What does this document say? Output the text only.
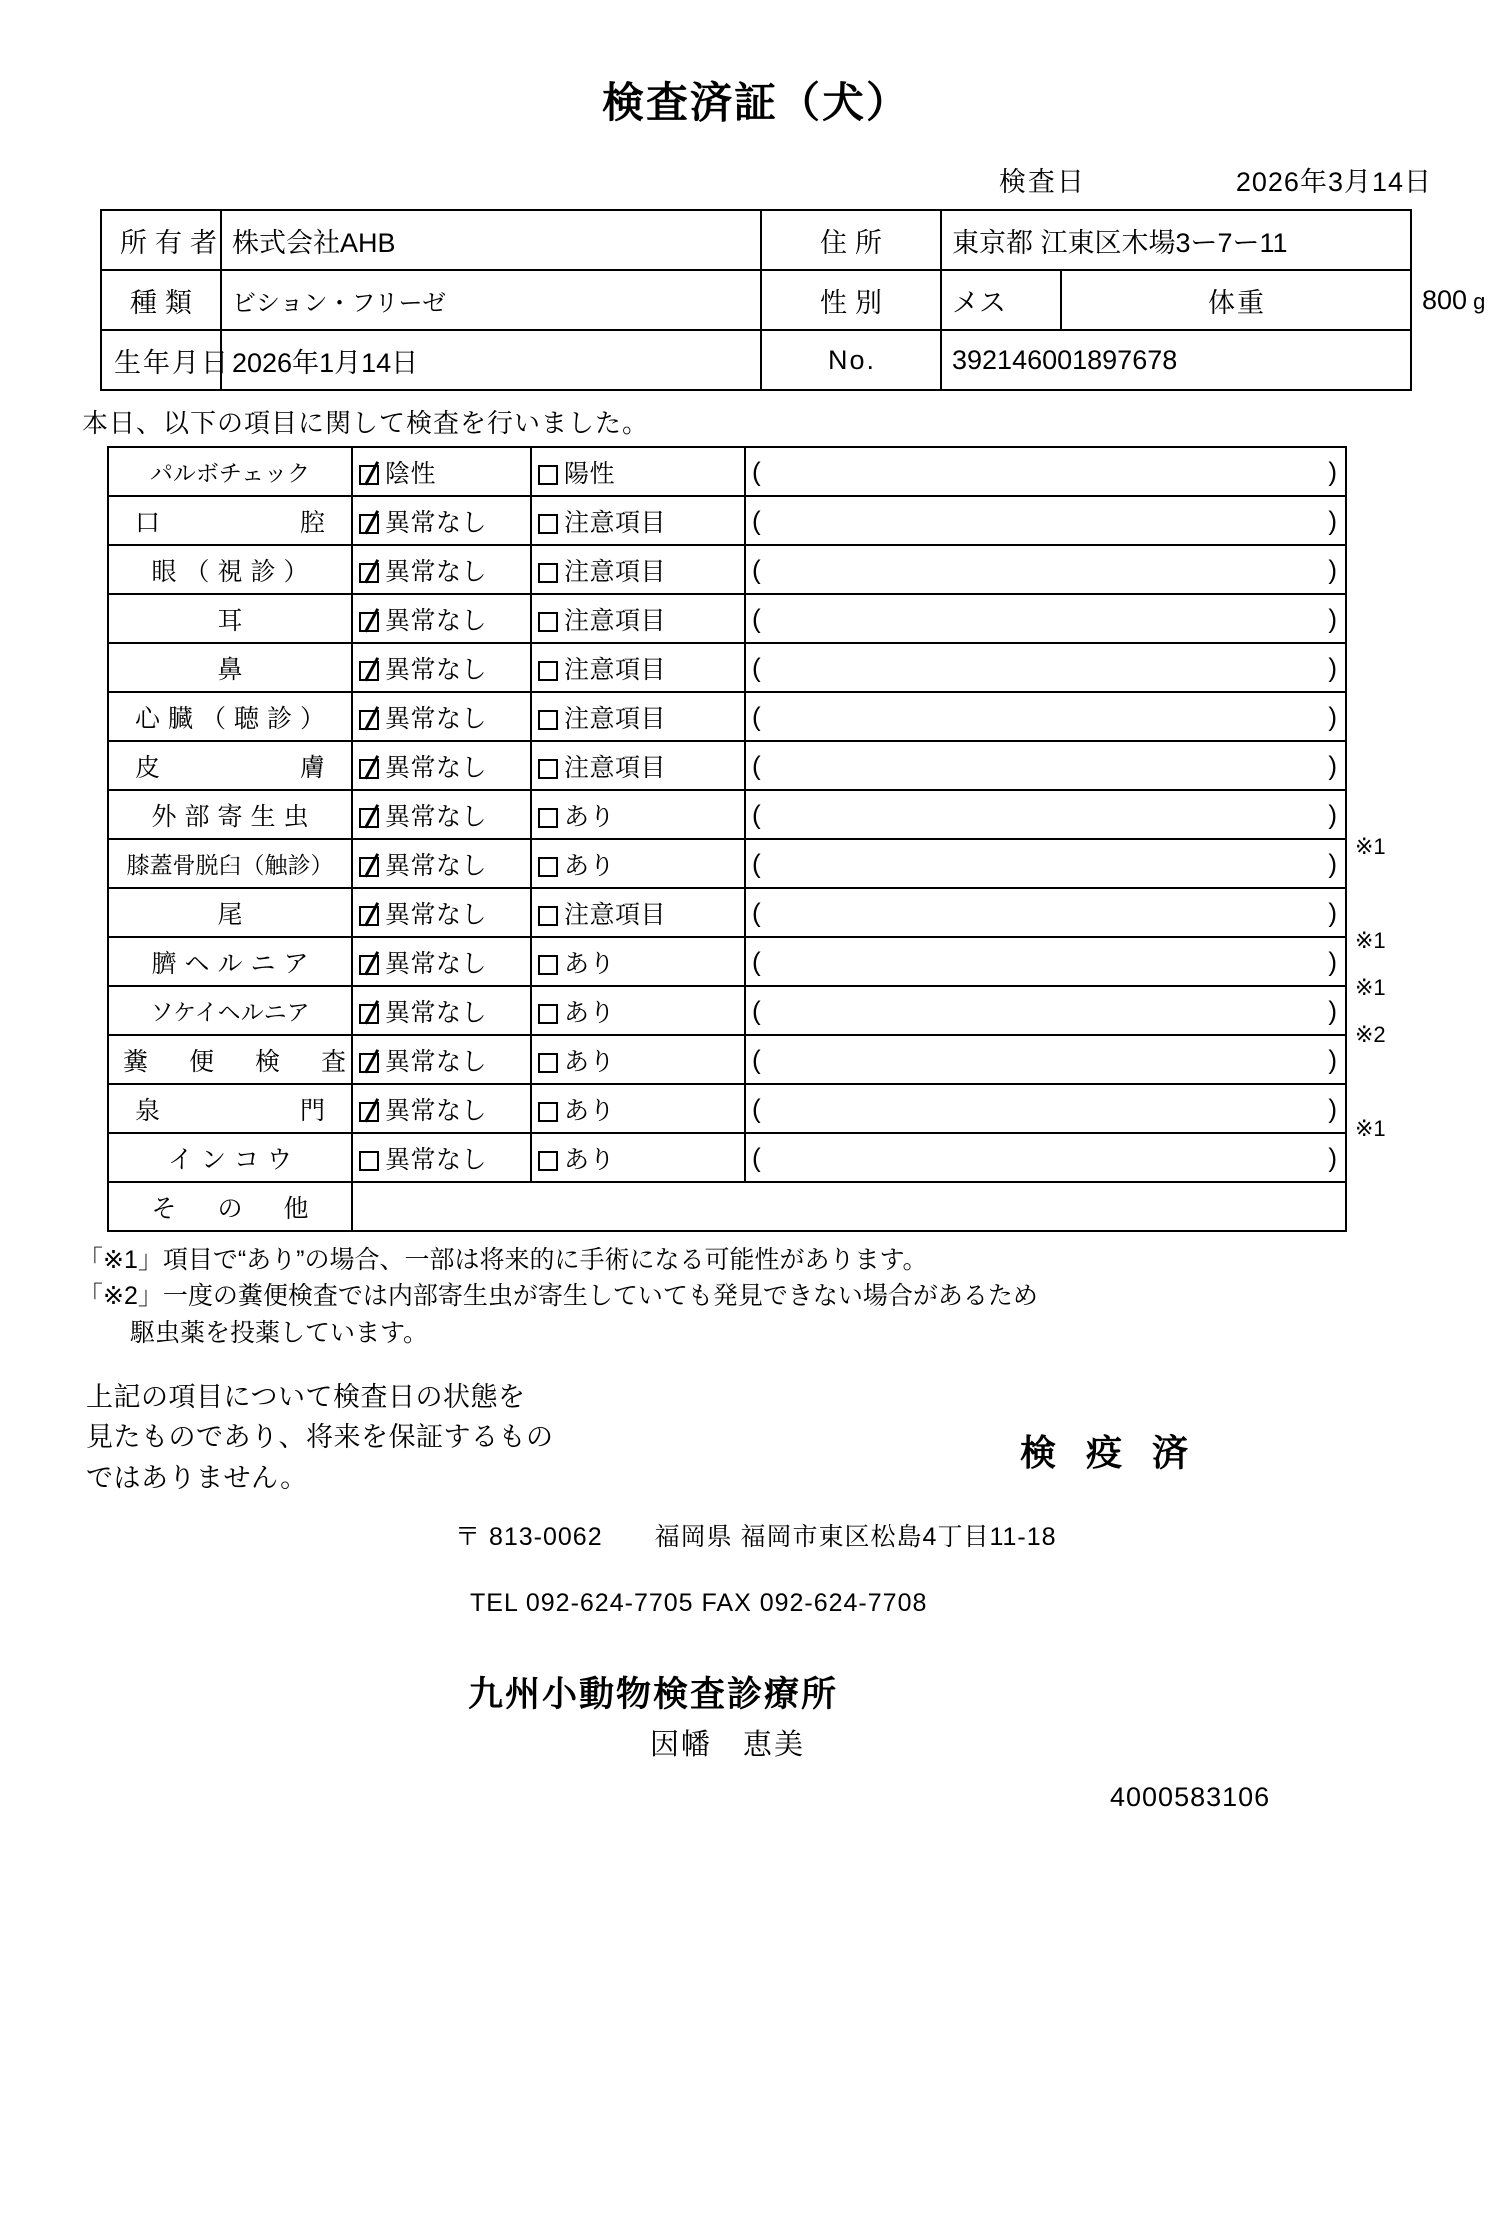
検査済証（犬）
検査日	2026年3月14日
所有者	株式会社AHB	住所	東京都 江東区木場3ー7ー11		
種類	ビション・フリーゼ	性別	メス	体重	800 g
生年月日	2026年1月14日	No.	392146001897678		
本日、以下の項目に関して検査を行いました。
パルボチェック	陰性	陽性	( )

口　　　　腔	異常なし	注意項目	( )

眼（視診）	異常なし	注意項目	( )

耳	異常なし	注意項目	( )

鼻	異常なし	注意項目	( )

心臓（聴診）	異常なし	注意項目	( )

皮　　　　膚	異常なし	注意項目	( )

外部寄生虫	異常なし	あり	( )

膝蓋骨脱臼（触診）	異常なし	あり	( )

尾	異常なし	注意項目	( )

臍ヘルニア	異常なし	あり	( )

ソケイヘルニア	異常なし	あり	( )

糞　便　検　査	異常なし	あり	( )

泉　　　　門	異常なし	あり	( )

インコウ	異常なし	あり	( )

そ　の　他			
※1
※1
※1
※2
※1
「※1」項目で“あり”の場合、一部は将来的に手術になる可能性があります。
「※2」一度の糞便検査では内部寄生虫が寄生していても発見できない場合があるため
駆虫薬を投薬しています。
上記の項目について検査日の状態を
見たものであり、将来を保証するもの
ではありません。
検 疫 済
〒 813-0062　　福岡県 福岡市東区松島4丁目11-18
TEL 092-624-7705 FAX 092-624-7708
九州小動物検査診療所
因幡　恵美
4000583106
